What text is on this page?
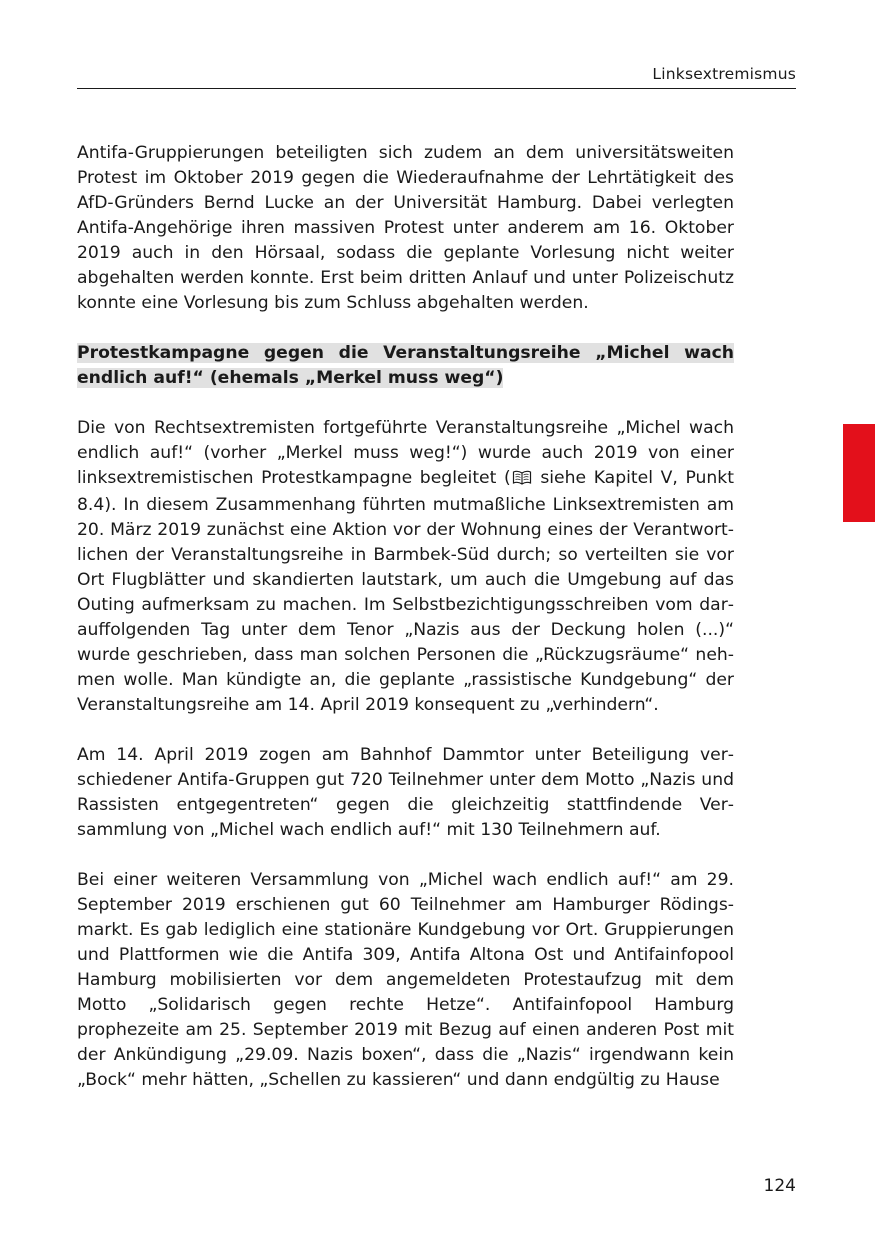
Linksextremismus

Antifa-Gruppierungen beteiligten sich zudem an dem universitätsweiten Protest im Oktober 2019 gegen die Wiederaufnahme der Lehrtätigkeit des AfD-Gründers Bernd Lucke an der Universität Hamburg. Dabei verlegten Antifa-Angehörige ihren massiven Protest unter anderem am 16. Oktober 2019 auch in den Hörsaal, sodass die geplante Vorlesung nicht weiter abgehalten werden konnte. Erst beim dritten Anlauf und unter Polizeischutz konnte eine Vorlesung bis zum Schluss abgehalten werden.

Protestkampagne gegen die Veranstaltungsreihe „Michel wach endlich auf!“ (ehemals „Merkel muss weg“)

Die von Rechtsextremisten fortgeführte Veranstaltungsreihe „Michel wach endlich auf!“ (vorher „Merkel muss weg!“) wurde auch 2019 von einer linksextremistischen Protestkampagne begleitet ( siehe Kapitel V, Punkt 8.4). In diesem Zusammenhang führten mutmaßliche Linksextremisten am 20. März 2019 zunächst eine Aktion vor der Wohnung eines der Verantwortlichen der Veranstaltungsreihe in Barmbek-Süd durch; so verteilten sie vor Ort Flugblätter und skandierten lautstark, um auch die Umgebung auf das Outing aufmerksam zu machen. Im Selbstbezichtigungsschreiben vom darauffolgenden Tag unter dem Tenor „Nazis aus der Deckung holen (...)“ wurde geschrieben, dass man solchen Personen die „Rückzugsräume“ nehmen wolle. Man kündigte an, die geplante „rassistische Kundgebung“ der Veranstaltungsreihe am 14. April 2019 konsequent zu „verhindern“.

Am 14. April 2019 zogen am Bahnhof Dammtor unter Beteiligung verschiedener Antifa-Gruppen gut 720 Teilnehmer unter dem Motto „Nazis und Rassisten entgegentreten“ gegen die gleichzeitig stattfindende Versammlung von „Michel wach endlich auf!“ mit 130 Teilnehmern auf.

Bei einer weiteren Versammlung von „Michel wach endlich auf!“ am 29. September 2019 erschienen gut 60 Teilnehmer am Hamburger Rödingsmarkt. Es gab lediglich eine stationäre Kundgebung vor Ort. Gruppierungen und Plattformen wie die Antifa 309, Antifa Altona Ost und Antifainfopool Hamburg mobilisierten vor dem angemeldeten Protestaufzug mit dem Motto „Solidarisch gegen rechte Hetze“. Antifainfopool Hamburg prophezeite am 25. September 2019 mit Bezug auf einen anderen Post mit der Ankündigung „29.09. Nazis boxen“, dass die „Nazis“ irgendwann kein „Bock“ mehr hätten, „Schellen zu kassieren“ und dann endgültig zu Hause

124
